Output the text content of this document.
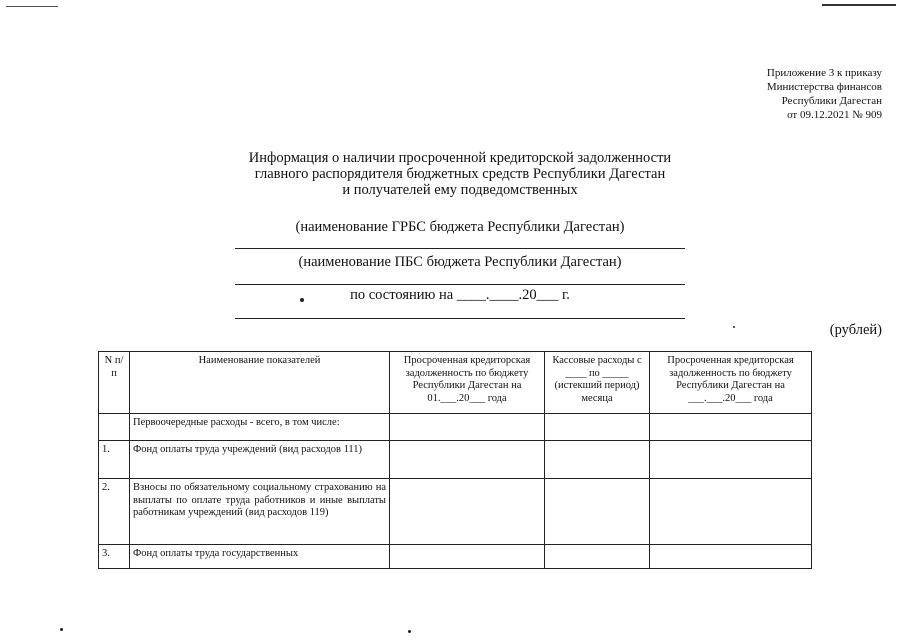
Приложение 3 к приказу
Министерства финансов
Республики Дагестан
от 09.12.2021 № 909
Информация о наличии просроченной кредиторской задолженности
главного распорядителя бюджетных средств Республики Дагестан
и получателей ему подведомственных
(наименование ГРБС бюджета Республики Дагестан)
(наименование ПБС бюджета Республики Дагестан)
по состоянию на ____.____.20___ г.
(рублей)
N п/п	Наименование показателей	Просроченная кредиторская задолженность по бюджету Республики Дагестан на 01.___.20___ года	Кассовые расходы с ____ по _____ (истекший период) месяца	Просроченная кредиторская задолженность по бюджету Республики Дагестан на ___.___.20___ года
	Первоочередные расходы - всего, в том числе:			
1.	Фонд оплаты труда учреждений (вид расходов 111)			
2.	Взносы по обязательному социальному страхованию на выплаты по оплате труда работников и иные выплаты работникам учреждений (вид расходов 119)			
3.	Фонд оплаты труда государственных			
